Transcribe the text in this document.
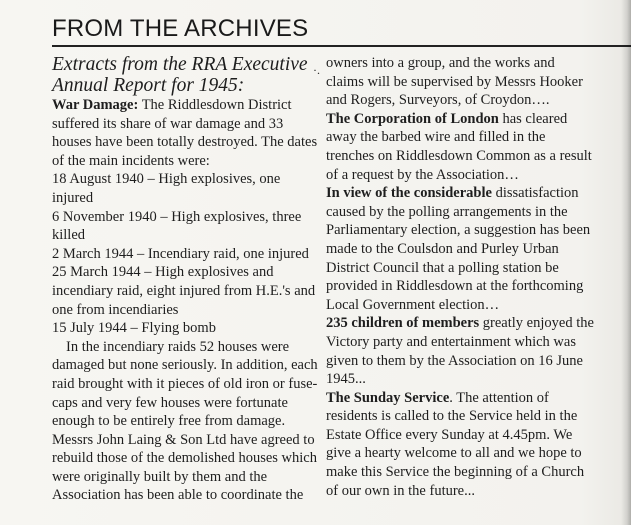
FROM THE ARCHIVES

Extracts from the RRA Executive

Annual Report for 1945:

War Damage: The Riddlesdown District suffered its share of war damage and 33 houses have been totally destroyed. The dates of the main incidents were:

18 August 1940 – High explosives, one injured

6 November 1940 – High explosives, three killed

2 March 1944 – Incendiary raid, one injured

25 March 1944 – High explosives and incendiary raid, eight injured from H.E.'s and one from incendiaries

15 July 1944 – Flying bomb

In the incendiary raids 52 houses were damaged but none seriously. In addition, each raid brought with it pieces of old iron or fuse-caps and very few houses were fortunate enough to be entirely free from damage. Messrs John Laing & Son Ltd have agreed to rebuild those of the demolished houses which were originally built by them and the Association has been able to coordinate the

·. owners into a group, and the works and claims will be supervised by Messrs Hooker and Rogers, Surveyors, of Croydon….

The Corporation of London has cleared away the barbed wire and filled in the trenches on Riddlesdown Common as a result of a request by the Association…

In view of the considerable dissatisfaction caused by the polling arrangements in the Parliamentary election, a suggestion has been made to the Coulsdon and Purley Urban District Council that a polling station be provided in Riddlesdown at the forthcoming Local Government election…

235 children of members greatly enjoyed the Victory party and entertainment which was given to them by the Association on 16 June 1945...

The Sunday Service. The attention of residents is called to the Service held in the Estate Office every Sunday at 4.45pm. We give a hearty welcome to all and we hope to make this Service the beginning of a Church of our own in the future...
